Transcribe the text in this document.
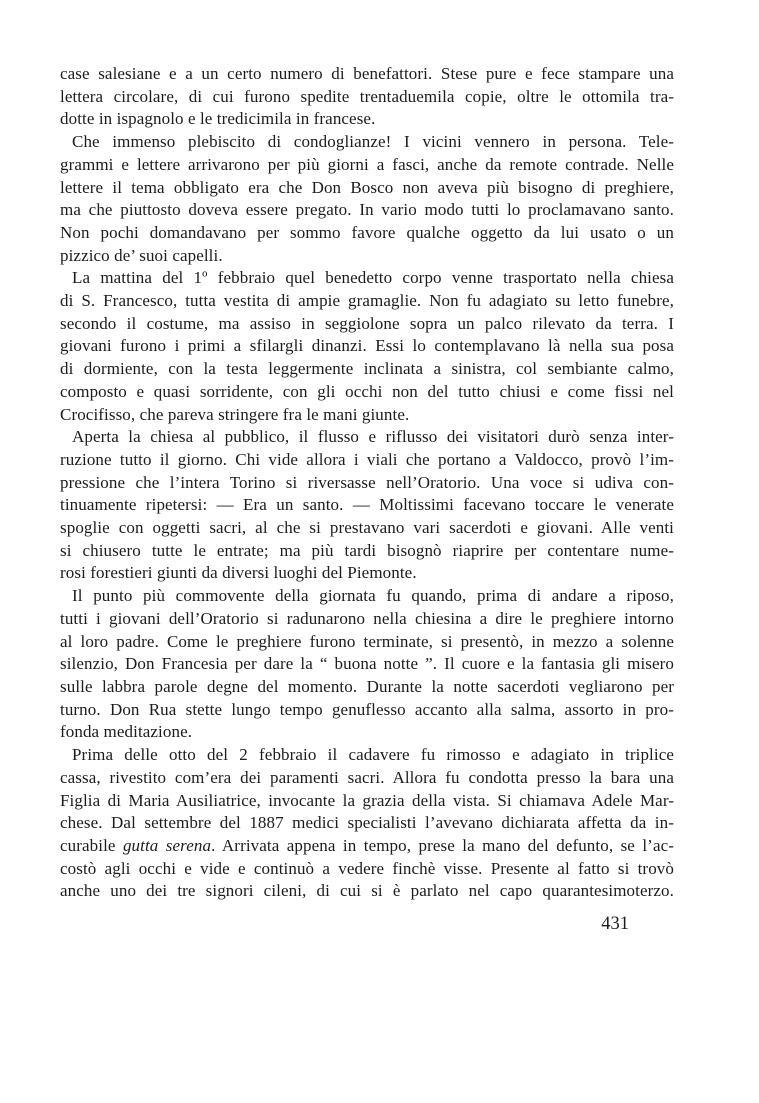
case salesiane e a un certo numero di benefattori. Stese pure e fece stampare una
lettera circolare, di cui furono spedite trentaduemila copie, oltre le ottomila tra-
dotte in ispagnolo e le tredicimila in francese.
Che immenso plebiscito di condoglianze! I vicini vennero in persona. Tele-
grammi e lettere arrivarono per più giorni a fasci, anche da remote contrade. Nelle
lettere il tema obbligato era che Don Bosco non aveva più bisogno di preghiere,
ma che piuttosto doveva essere pregato. In vario modo tutti lo proclamavano santo.
Non pochi domandavano per sommo favore qualche oggetto da lui usato o un
pizzico de’ suoi capelli.
La mattina del 1º febbraio quel benedetto corpo venne trasportato nella chiesa
di S. Francesco, tutta vestita di ampie gramaglie. Non fu adagiato su letto funebre,
secondo il costume, ma assiso in seggiolone sopra un palco rilevato da terra. I
giovani furono i primi a sfilargli dinanzi. Essi lo contemplavano là nella sua posa
di dormiente, con la testa leggermente inclinata a sinistra, col sembiante calmo,
composto e quasi sorridente, con gli occhi non del tutto chiusi e come fissi nel
Crocifisso, che pareva stringere fra le mani giunte.
Aperta la chiesa al pubblico, il flusso e riflusso dei visitatori durò senza inter-
ruzione tutto il giorno. Chi vide allora i viali che portano a Valdocco, provò l’im-
pressione che l’intera Torino si riversasse nell’Oratorio. Una voce si udiva con-
tinuamente ripetersi: — Era un santo. — Moltissimi facevano toccare le venerate
spoglie con oggetti sacri, al che si prestavano vari sacerdoti e giovani. Alle venti
si chiusero tutte le entrate; ma più tardi bisognò riaprire per contentare nume-
rosi forestieri giunti da diversi luoghi del Piemonte.
Il punto più commovente della giornata fu quando, prima di andare a riposo,
tutti i giovani dell’Oratorio si radunarono nella chiesina a dire le preghiere intorno
al loro padre. Come le preghiere furono terminate, si presentò, in mezzo a solenne
silenzio, Don Francesia per dare la “ buona notte ”. Il cuore e la fantasia gli misero
sulle labbra parole degne del momento. Durante la notte sacerdoti vegliarono per
turno. Don Rua stette lungo tempo genuflesso accanto alla salma, assorto in pro-
fonda meditazione.
Prima delle otto del 2 febbraio il cadavere fu rimosso e adagiato in triplice
cassa, rivestito com’era dei paramenti sacri. Allora fu condotta presso la bara una
Figlia di Maria Ausiliatrice, invocante la grazia della vista. Si chiamava Adele Mar-
chese. Dal settembre del 1887 medici specialisti l’avevano dichiarata affetta da in-
curabile gutta serena. Arrivata appena in tempo, prese la mano del defunto, se l’ac-
costò agli occhi e vide e continuò a vedere finchè visse. Presente al fatto si trovò
anche uno dei tre signori cileni, di cui si è parlato nel capo quarantesimoterzo.
431
